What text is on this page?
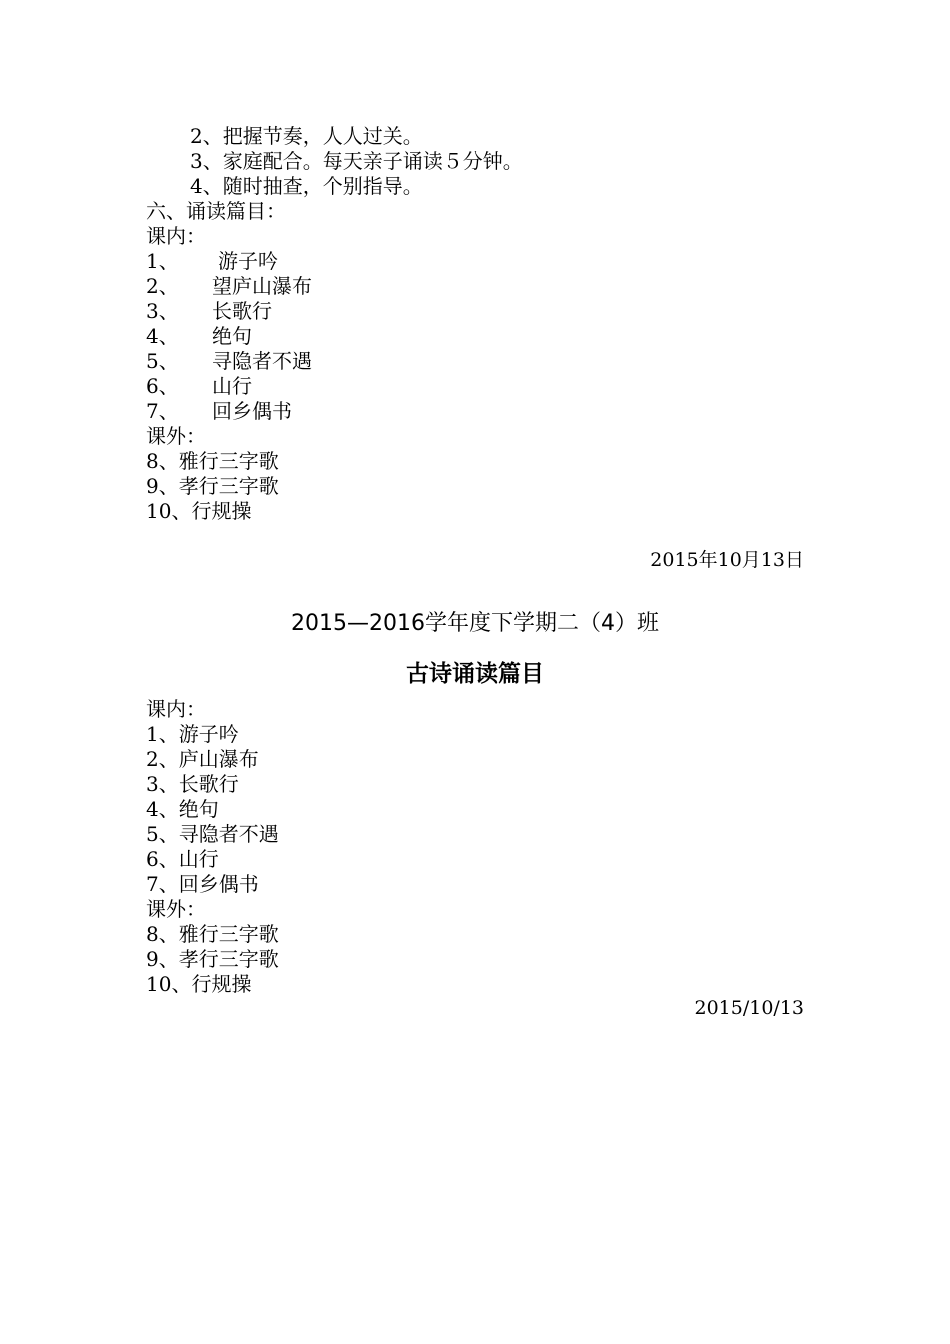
2、把握节奏，人人过关。
3、家庭配合。每天亲子诵读５分钟。
4、随时抽查，个别指导。
六、诵读篇目：
课内：
1、 游子吟
2、 望庐山瀑布
3、 长歌行
4、 绝句
5、 寻隐者不遇
6、 山行
7、 回乡偶书
课外：
8、雅行三字歌
9、孝行三字歌
10、行规操
2015年10月13日
2015—2016学年度下学期二（4）班
古诗诵读篇目
课内：
1、游子吟
2、庐山瀑布
3、长歌行
4、绝句
5、寻隐者不遇
6、山行
7、回乡偶书
课外：
8、雅行三字歌
9、孝行三字歌
10、行规操
2015/10/13
